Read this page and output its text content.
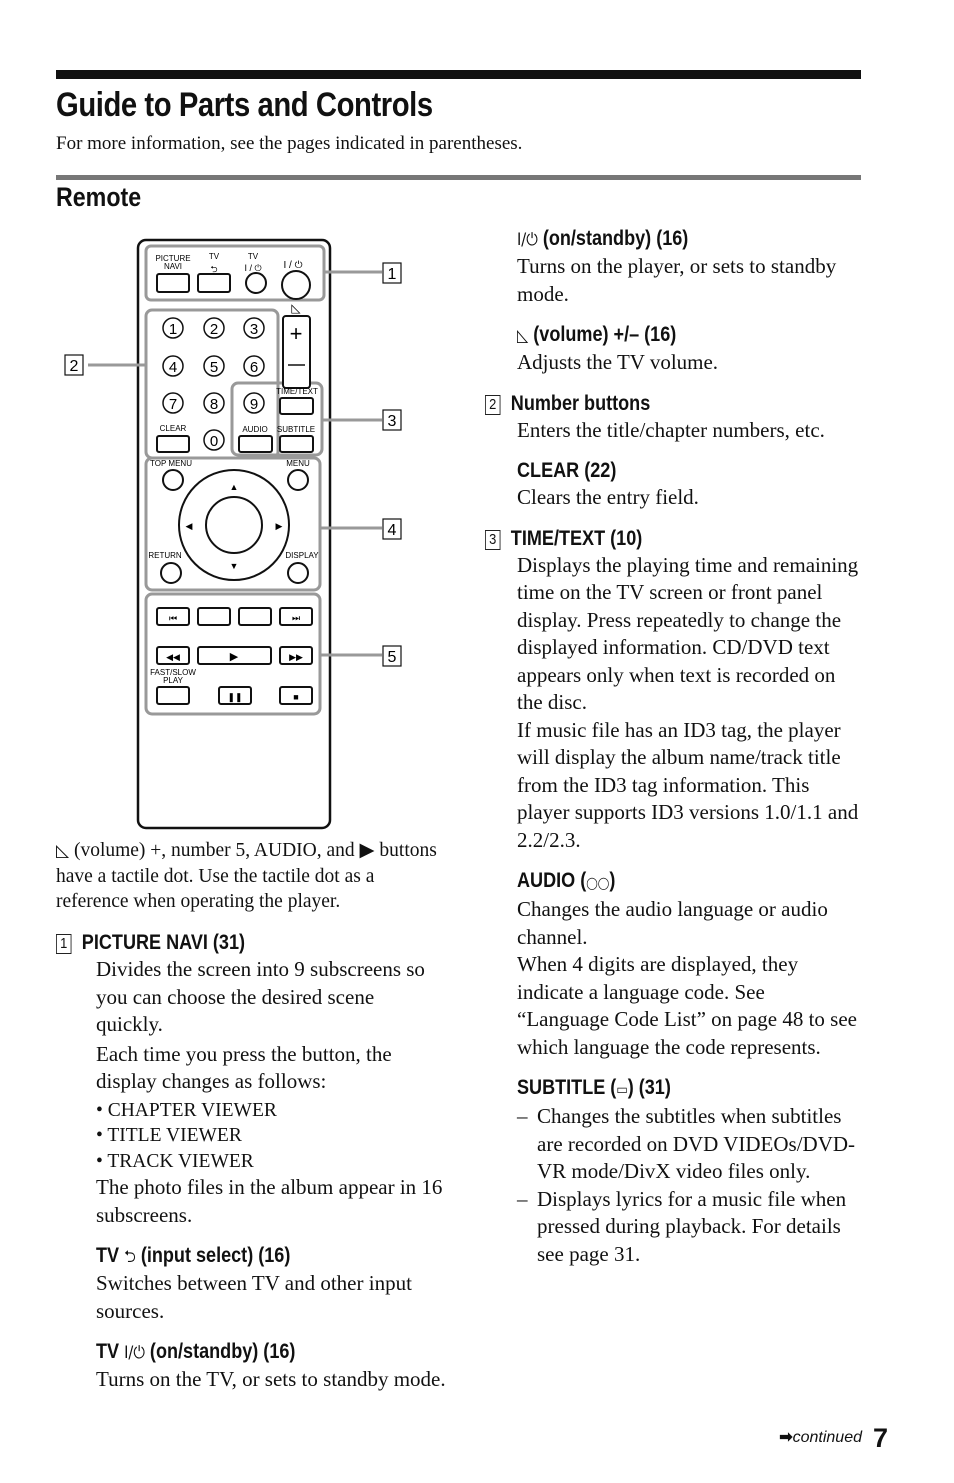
Guide to Parts and Controls
For more information, see the pages indicated in parentheses.
Remote
PICTURE
NAVI
TV
⮌
TV
I / ⏻ I / ⏻
1 2 3
4 5 6
7 8 9
0
CLEAR
◺
+
TIME/TEXT
AUDIO SUBTITLE
TOP MENU	MENU
▲
▼
◀	▶
RETURN	DISPLAY
⏮	⏭
◀◀	▶	▶▶
FAST/SLOW
PLAY
❚❚	■
1
2
3
4
5
◺ (volume) +, number 5, AUDIO, and ▶ buttons have a tactile dot. Use the tactile dot as a reference when operating the player.
1 PICTURE NAVI (31)
Divides the screen into 9 subscreens so you can choose the desired scene quickly.
Each time you press the button, the display changes as follows:
• CHAPTER VIEWER
• TITLE VIEWER
• TRACK VIEWER
The photo files in the album appear in 16 subscreens.
TV ⮌ (input select) (16)
Switches between TV and other input sources.
TV I/⏻ (on/standby) (16)
Turns on the TV, or sets to standby mode.
I/⏻ (on/standby) (16)
Turns on the player, or sets to standby mode.
◺ (volume) +/– (16)
Adjusts the TV volume.
2 Number buttons
Enters the title/chapter numbers, etc.
CLEAR (22)
Clears the entry field.
3 TIME/TEXT (10)
Displays the playing time and remaining time on the TV screen or front panel display. Press repeatedly to change the displayed information. CD/DVD text appears only when text is recorded on the disc.
If music file has an ID3 tag, the player will display the album name/track title from the ID3 tag information. This player supports ID3 versions 1.0/1.1 and 2.2/2.3.
AUDIO (◯◯)
Changes the audio language or audio channel.
When 4 digits are displayed, they indicate a language code. See “Language Code List” on page 48 to see which language the code represents.
SUBTITLE (▭) (31)
– Changes the subtitles when subtitles are recorded on DVD VIDEOs/DVD-VR mode/DivX video files only.
– Displays lyrics for a music file when pressed during playback. For details see page 31.
➡continued 7
